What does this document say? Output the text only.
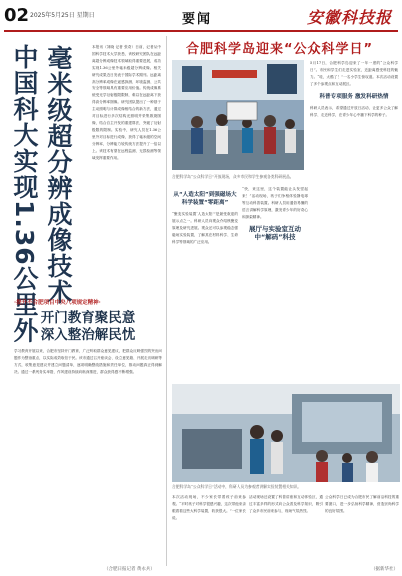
02 2025年5月25日 星期日	要闻	安徽科技报
毫米级超分辨成像技术
中国科大实现1.36公里外	本报讯（刘晓 记者 张奇）日前，记者从中国科学技术大学获悉，该校研究团队在远距离超分辨成像技术领域取得重要进展，成功实现1.36公里外毫米级超分辨成像。相关研究成果近日发表于国际学术期刊。远距离高分辨率成像在遥感探测、环境监测、公共安全等领域具有重要应用价值。传统成像系统受光学衍射极限限制，难以在远距离下获得高分辨率图像。研究团队提出了一种基于主动照明与计算成像相结合的新方法，通过对目标进行多次结构光照明并采集散斑图像，结合自主开发的重建算法，突破了衍射极限的限制。实验中，研究人员在1.36公里外对目标进行成像，获得了毫米级的空间分辨率，分辨能力较传统方法提升了一倍以上。该技术有望在远程监测、无损检测等领域发挥重要作用。
·提升不合肥项目中央八项规定精神·
开门教育聚民意
深入整治解民忧
学习教育开展以来，合肥市坚持开门教育，广泛听取群众意见建议，把群众反映强烈的突出问题作为整治重点，以实际成效取信于民。该市通过召开座谈会、设立意见箱、开展走访调研等方式，收集意见建议并建立问题清单，逐项明确整改措施和责任单位，推动问题真正得到解决。通过一系列务实举措，作风建设持续向纵深推进，群众获得感不断增强。
（合肥日报记者 黄永兵）
合肥科学岛迎来“公众科学日”
合肥科学岛“公众科学日”开放现场，众多市民和学生参观各类科研展品。
5月17日，合肥科学岛迎来了一年一度的“公众科学日”。市民和学生们走进实验室，近距离感受科技的魅力。“哇，太酷了！”一名小学生惊叹道。本次活动设置了多个参观点和互动展区。
科普专项服务 激发科研热情
科研人员表示，希望通过开放日活动，让更多公众了解科学、走近科学，在青少年心中播下科学的种子。
从“人造太阳”到强磁场大科学装置“零距离”
“聚变实验装置‘人造太阳’”是最受欢迎的展示点之一。科研人员向观众介绍核聚变原理及研究进展。观众还可以参观稳态强磁场实验装置，了解其在材料科学、生命科学等领域的广泛应用。
“快，来这里，这个装置能让头发竖起来！”活动现场，孩子们争相体验静电球等互动科普装置。科研人员用通俗易懂的语言讲解科学原理，激发青少年的好奇心和探索精神。
展厅与实验室互动中“解码”科技
合肥科学岛“公众科学日”活动中，科研人员为参观者讲解实验装置相关知识。
本次活动现场，不少家长带着孩子前来参观。“平时孩子对科学很感兴趣，这次带他来亲眼看看这些大科学装置，收获很大。”一位家长说。
活动现场还设置了科普讲座和互动体验区，通过丰富多样的形式向公众普及科学知识，吸引了众多市民前来参与，现场气氛热烈。
公众科学日已成为合肥市民了解前沿科技的重要窗口，进一步弘扬科学精神，营造崇尚科学的良好氛围。
（据新华社）
